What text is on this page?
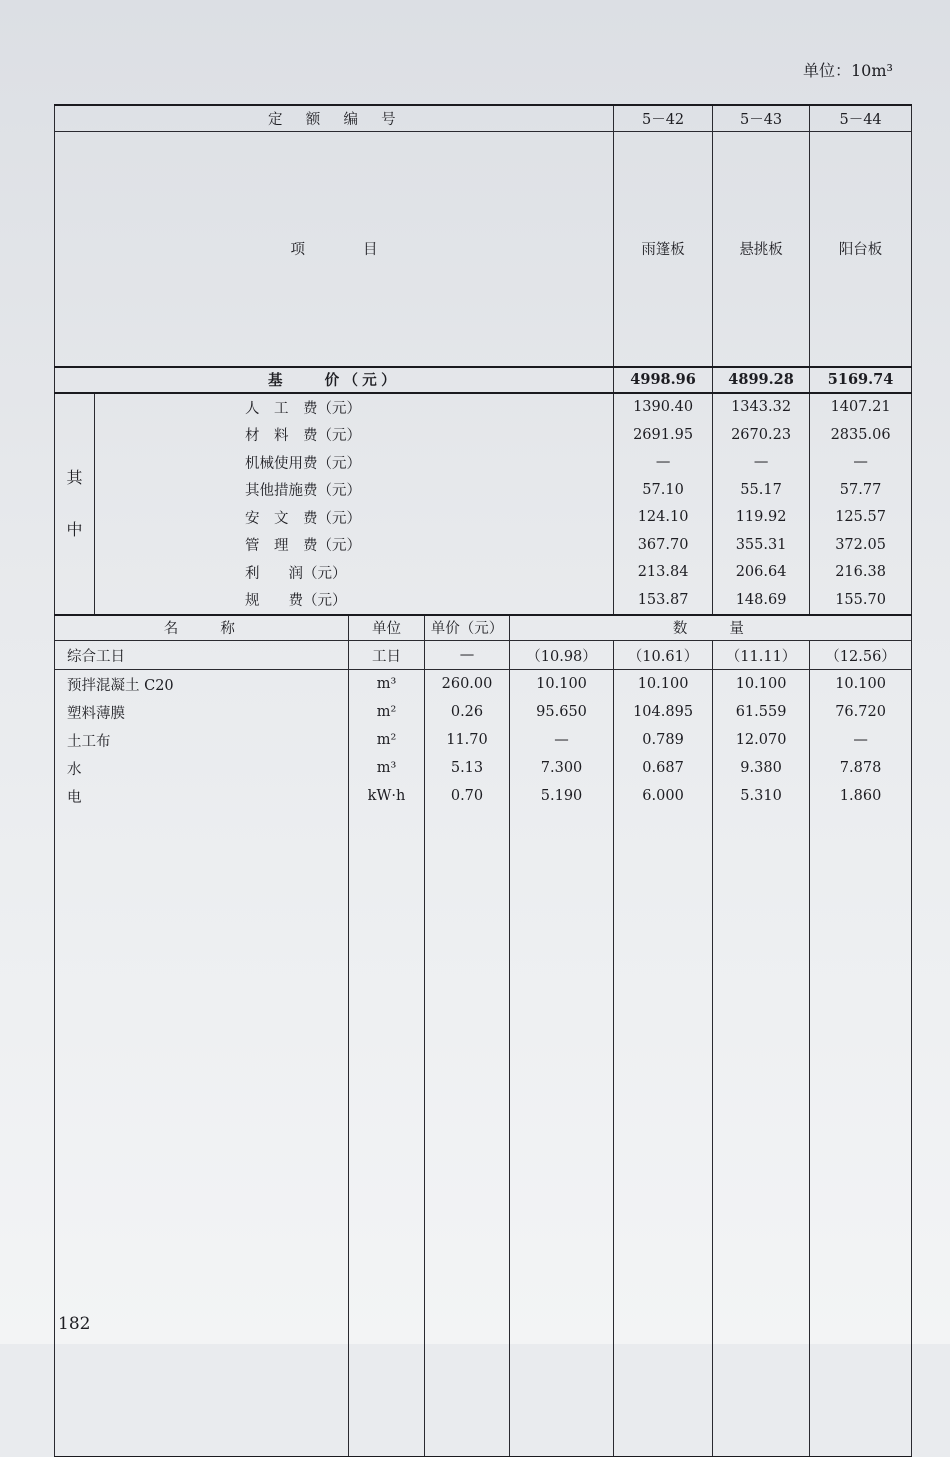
单位：10m³
定　额　编　号					5－42	5－43	5－44	
项　　　　目					雨篷板	悬挑板	阳台板	
基　　价（元）					4998.96	4899.28	5169.74	

其
中	人　工　费（元）				1390.40	1343.32	1407.21	
	材　料　费（元）				2691.95	2670.23	2835.06	
	机械使用费（元）				—	—	—	
	其他措施费（元）				57.10	55.17	57.77	
	安　文　费（元）				124.10	119.92	125.57	
	管　理　费（元）				367.70	355.31	372.05	
	利　　润（元）				213.84	206.64	216.38	
	规　　费（元）				153.87	148.69	155.70	
名　　称		单位	单价（元）	数　　量				
综合工日		工日	—	（10.98）	（10.61）	（11.11）	（12.56）	
预拌混凝土 C20		m³	260.00	10.100	10.100	10.100	10.100	
塑料薄膜		m²	0.26	95.650	104.895	61.559	76.720	
土工布		m²	11.70	—	0.789	12.070	—	
水		m³	5.13	7.300	0.687	9.380	7.878	
电		kW·h	0.70	5.190	6.000	5.310	1.860	

182
